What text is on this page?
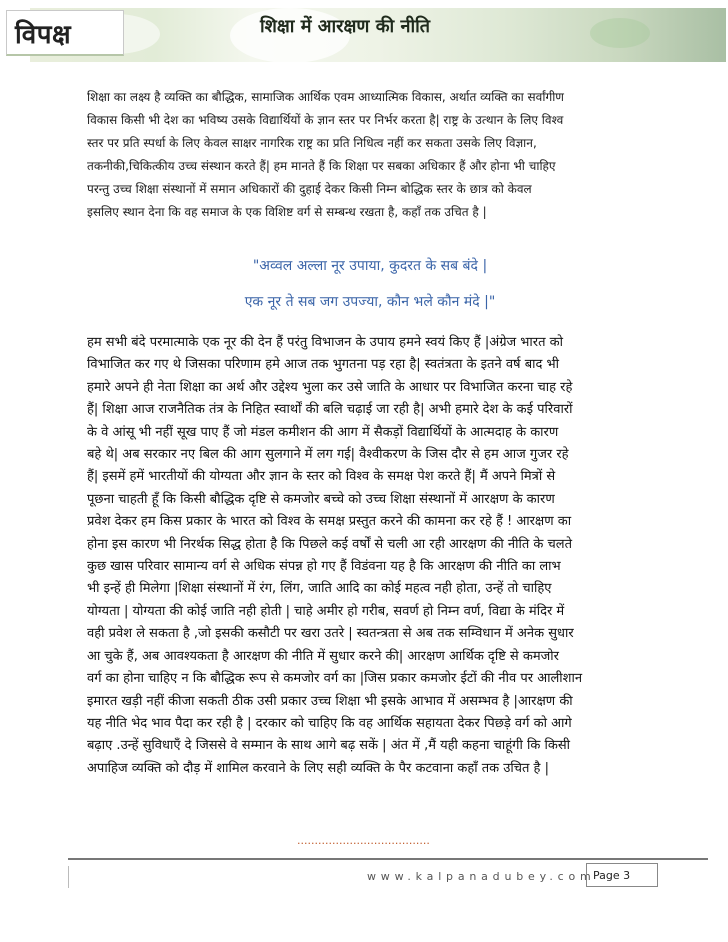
विपक्ष	शिक्षा में आरक्षण की नीति

शिक्षा का लक्ष्य है व्यक्ति का बौद्धिक, सामाजिक आर्थिक एवम आध्यात्मिक विकास, अर्थात व्यक्ति का सर्वांगीण
विकास किसी भी देश का भविष्य उसके विद्यार्थियों के ज्ञान स्तर पर निर्भर करता है| राष्ट्र के उत्थान के लिए विश्व
स्तर पर प्रति स्पर्धा के लिए केवल साक्षर नागरिक राष्ट्र का प्रति निधित्व नहीं कर सकता उसके लिए विज्ञान,
तकनीकी,चिकित्कीय उच्च संस्थान करते हैं| हम मानते हैं कि शिक्षा पर सबका अधिकार हैं और होना भी चाहिए
परन्तु उच्च शिक्षा संस्थानों में समान अधिकारों की दुहाई देकर किसी निम्न बोद्धिक स्तर के छात्र को केवल
इसलिए स्थान देना कि वह समाज के एक विशिष्ट वर्ग से सम्बन्ध रखता है, कहाँ तक उचित है |

"अव्वल अल्ला नूर उपाया, कुदरत के सब बंदे |
एक नूर ते सब जग उपज्या, कौन भले कौन मंदे |"
हम सभी बंदे परमात्माके एक नूर की देन हैं परंतु विभाजन के उपाय हमने स्वयं किए हैं |अंग्रेज भारत को
विभाजित कर गए थे जिसका परिणाम हमे आज तक भुगतना पड़ रहा है| स्वतंत्रता के इतने वर्ष बाद भी
हमारे अपने ही नेता शिक्षा का अर्थ और उद्देश्य भुला कर उसे जाति के आधार पर विभाजित करना चाह रहे
हैं| शिक्षा आज राजनैतिक तंत्र के निहित स्वार्थों की बलि चढ़ाई जा रही है| अभी हमारे देश के कई परिवारों
के वे आंसू भी नहीं सूख पाए हैं जो मंडल कमीशन की आग में सैकड़ों विद्यार्थियों के आत्मदाह के कारण
बहे थे| अब सरकार नए बिल की आग सुलगाने में लग गई| वैश्वीकरण के जिस दौर से हम आज गुजर रहे
हैं| इसमें हमें भारतीयों की योग्यता और ज्ञान के स्तर को विश्व के समक्ष पेश करते हैं| मैं अपने मित्रों से
पूछना चाहती हूँ कि किसी बौद्धिक दृष्टि से कमजोर बच्चे को उच्च शिक्षा संस्थानों में आरक्षण के कारण
प्रवेश देकर हम किस प्रकार के भारत को विश्व के समक्ष प्रस्तुत करने की कामना कर रहे हैं ! आरक्षण का
होना इस कारण भी निरर्थक सिद्ध होता है कि पिछले कई वर्षों से चली आ रही आरक्षण की नीति के चलते
कुछ खास परिवार सामान्य वर्ग से अधिक संपन्न हो गए हैं विडंवना यह है कि आरक्षण की नीति का लाभ
भी इन्हें ही मिलेगा |शिक्षा संस्थानों में रंग, लिंग, जाति आदि का कोई महत्व नही होता, उन्हें तो चाहिए
योग्यता | योग्यता की कोई जाति नही होती | चाहे अमीर हो गरीब, सवर्ण हो निम्न वर्ण, विद्या के मंदिर में
वही प्रवेश ले सकता है ,जो इसकी कसौटी पर खरा उतरे | स्वतन्त्रता से अब तक सम्विधान में अनेक सुधार
आ चुके हैं, अब आवश्यकता है आरक्षण की नीति में सुधार करने की| आरक्षण आर्थिक दृष्टि से कमजोर
वर्ग का होना चाहिए न कि बौद्धिक रूप से कमजोर वर्ग का |जिस प्रकार कमजोर ईटों की नीव पर आलीशान
इमारत खड़ी नहीं कीजा सकती ठीक उसी प्रकार उच्च शिक्षा भी इसके आभाव में असम्भव है |आरक्षण की
यह नीति भेद भाव पैदा कर रही है | दरकार को चाहिए कि वह आर्थिक सहायता देकर पिछड़े वर्ग को आगे
बढ़ाए .उन्हें सुविधाएँ दे जिससे वे सम्मान के साथ आगे बढ़ सकें | अंत में ,मैं यही कहना चाहूंगी कि किसी
अपाहिज व्यक्ति को दौड़ में शामिल करवाने के लिए सही व्यक्ति के पैर कटवाना कहाँ तक उचित है |
......................................
www.kalpanadubey.com
Page 3
